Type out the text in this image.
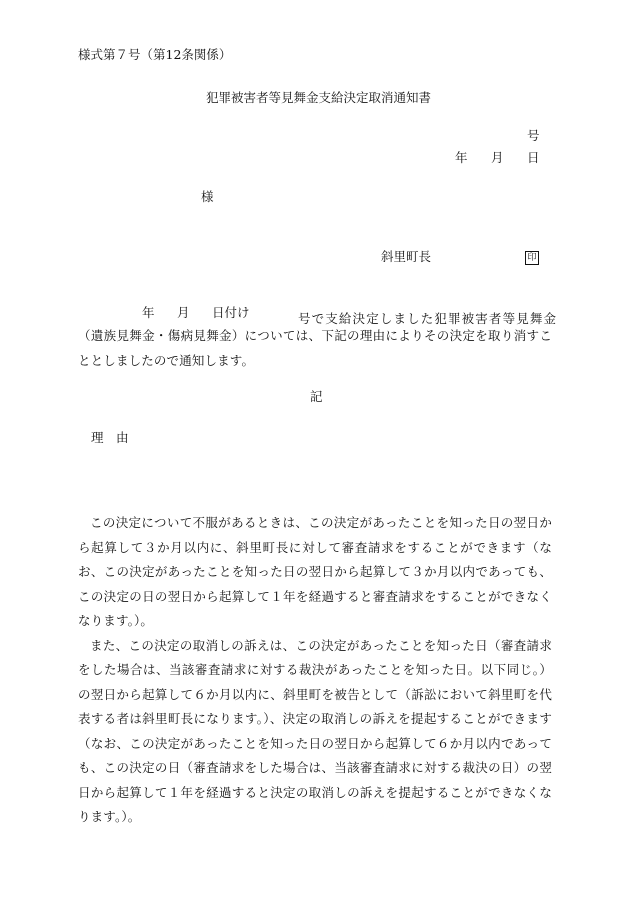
様式第７号（第12条関係）
犯罪被害者等見舞金支給決定取消通知書
号
年 月 日
様
斜里町長	印
年 月 日付け	号で支給決定しました犯罪被害者等見舞金

（遺族見舞金・傷病見舞金）については、下記の理由によりその決定を取り消すこととしましたので通知します。

記
理　由

この決定について不服があるときは、この決定があったことを知った日の翌日から起算して３か月以内に、斜里町長に対して審査請求をすることができます（なお、この決定があったことを知った日の翌日から起算して３か月以内であっても、この決定の日の翌日から起算して１年を経過すると審査請求をすることができなくなります。）。

また、この決定の取消しの訴えは、この決定があったことを知った日（審査請求をした場合は、当該審査請求に対する裁決があったことを知った日。以下同じ。）の翌日から起算して６か月以内に、斜里町を被告として（訴訟において斜里町を代表する者は斜里町長になります。）、決定の取消しの訴えを提起することができます（なお、この決定があったことを知った日の翌日から起算して６か月以内であっても、この決定の日（審査請求をした場合は、当該審査請求に対する裁決の日）の翌日から起算して１年を経過すると決定の取消しの訴えを提起することができなくなります。）。
